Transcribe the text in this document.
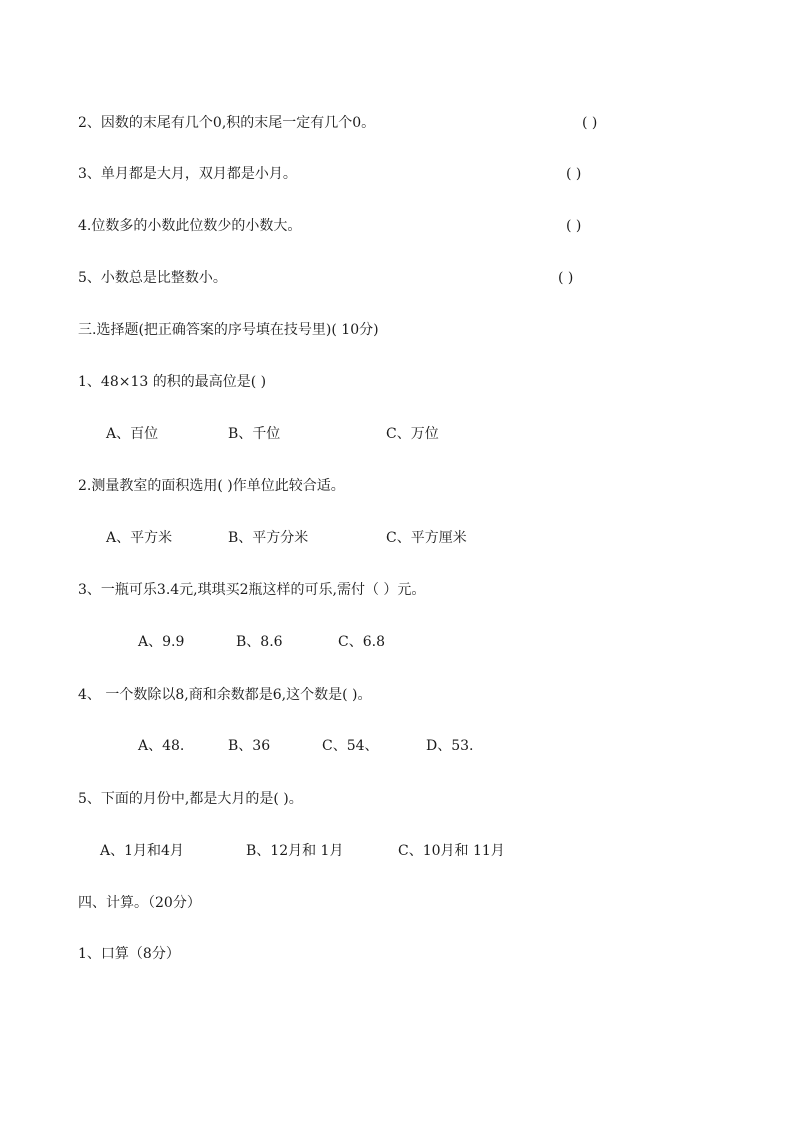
2、因数的末尾有几个0,积的末尾一定有几个0。	( )
3、单月都是大月，双月都是小月。	( )
4.位数多的小数此位数少的小数大。	( )
5、小数总是比整数小。	( )
三.选择题(把正确答案的序号填在技号里)( 10分)
1、48×13 的积的最高位是( )
A、百位	B、千位	C、万位
2.测量教室的面积选用( )作单位此较合适。
A、平方米	B、平方分米	C、平方厘米
3、一瓶可乐3.4元,琪琪买2瓶这样的可乐,需付（ ）元。
A、9.9	B、8.6	C、6.8
4、 一个数除以8,商和余数都是6,这个数是( )。
A、48.	B、36	C、54、	D、53.
5、下面的月份中,都是大月的是( )。
A、1月和4月	B、12月和 1月	C、10月和 11月
四、计算。（20分）
1、口算（8分）
